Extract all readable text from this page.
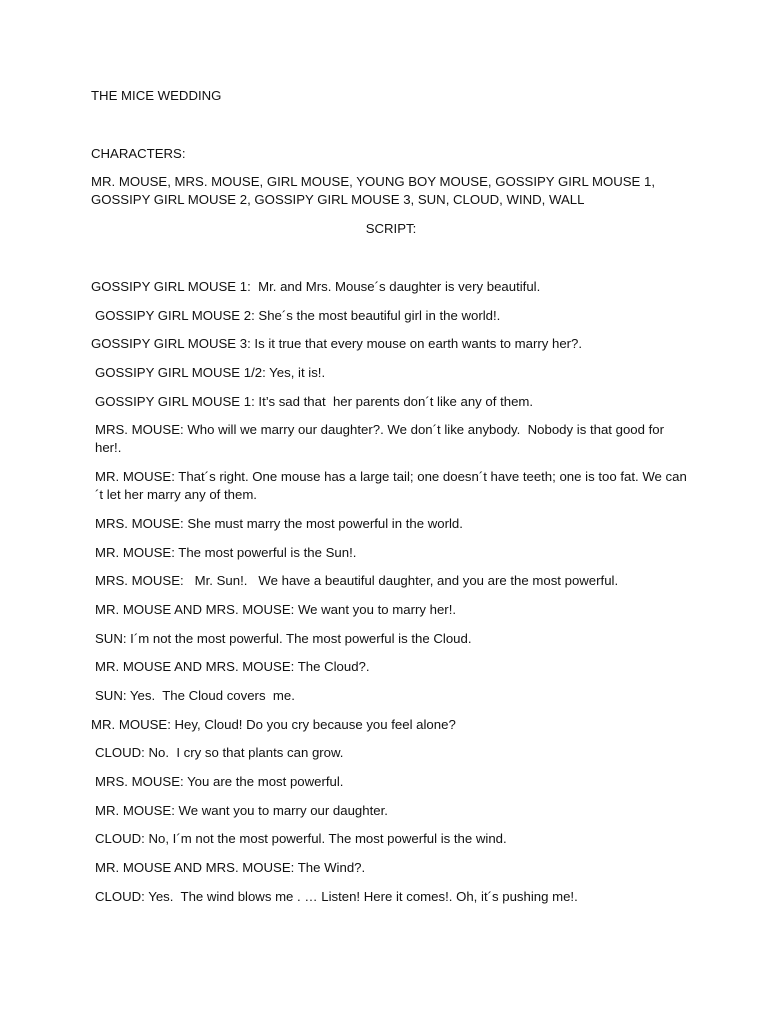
THE MICE WEDDING

CHARACTERS:

MR. MOUSE, MRS. MOUSE, GIRL MOUSE, YOUNG BOY MOUSE, GOSSIPY GIRL MOUSE 1, GOSSIPY GIRL MOUSE 2, GOSSIPY GIRL MOUSE 3, SUN, CLOUD, WIND, WALL

SCRIPT:

GOSSIPY GIRL MOUSE 1:  Mr. and Mrs. Mouse´s daughter is very beautiful.

GOSSIPY GIRL MOUSE 2: She´s the most beautiful girl in the world!.

GOSSIPY GIRL MOUSE 3: Is it true that every mouse on earth wants to marry her?.

GOSSIPY GIRL MOUSE 1/2: Yes, it is!.

GOSSIPY GIRL MOUSE 1: It’s sad that  her parents don´t like any of them.

MRS. MOUSE: Who will we marry our daughter?. We don´t like anybody.  Nobody is that good for her!.

MR. MOUSE: That´s right. One mouse has a large tail; one doesn´t have teeth; one is too fat. We can´t let her marry any of them.

MRS. MOUSE: She must marry the most powerful in the world.

MR. MOUSE: The most powerful is the Sun!.

MRS. MOUSE:   Mr. Sun!.   We have a beautiful daughter, and you are the most powerful.

MR. MOUSE AND MRS. MOUSE: We want you to marry her!.

SUN: I´m not the most powerful. The most powerful is the Cloud.

MR. MOUSE AND MRS. MOUSE: The Cloud?.

SUN: Yes.  The Cloud covers  me.

MR. MOUSE: Hey, Cloud! Do you cry because you feel alone?

CLOUD: No.  I cry so that plants can grow.

MRS. MOUSE: You are the most powerful.

MR. MOUSE: We want you to marry our daughter.

CLOUD: No, I´m not the most powerful. The most powerful is the wind.

MR. MOUSE AND MRS. MOUSE: The Wind?.

CLOUD: Yes.  The wind blows me . … Listen! Here it comes!. Oh, it´s pushing me!.
